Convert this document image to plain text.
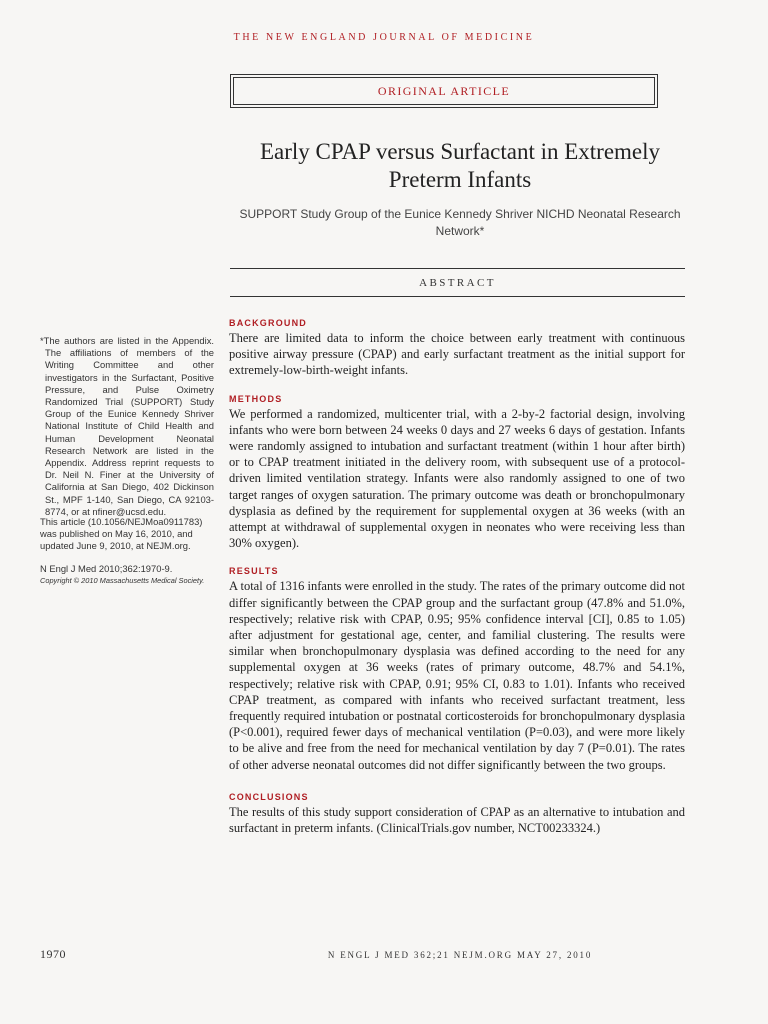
THE NEW ENGLAND JOURNAL OF MEDICINE
ORIGINAL ARTICLE
Early CPAP versus Surfactant in Extremely Preterm Infants
SUPPORT Study Group of the Eunice Kennedy Shriver NICHD Neonatal Research Network*
ABSTRACT

BACKGROUND

There are limited data to inform the choice between early treatment with continuous positive airway pressure (CPAP) and early surfactant treatment as the initial support for extremely-low-birth-weight infants.

METHODS

We performed a randomized, multicenter trial, with a 2-by-2 factorial design, involving infants who were born between 24 weeks 0 days and 27 weeks 6 days of gestation. Infants were randomly assigned to intubation and surfactant treatment (within 1 hour after birth) or to CPAP treatment initiated in the delivery room, with subsequent use of a protocol-driven limited ventilation strategy. Infants were also randomly assigned to one of two target ranges of oxygen saturation. The primary outcome was death or bronchopulmonary dysplasia as defined by the requirement for supplemental oxygen at 36 weeks (with an attempt at withdrawal of supplemental oxygen in neonates who were receiving less than 30% oxygen).

RESULTS

A total of 1316 infants were enrolled in the study. The rates of the primary outcome did not differ significantly between the CPAP group and the surfactant group (47.8% and 51.0%, respectively; relative risk with CPAP, 0.95; 95% confidence interval [CI], 0.85 to 1.05) after adjustment for gestational age, center, and familial clustering. The results were similar when bronchopulmonary dysplasia was defined according to the need for any supplemental oxygen at 36 weeks (rates of primary outcome, 48.7% and 54.1%, respectively; relative risk with CPAP, 0.91; 95% CI, 0.83 to 1.01). Infants who received CPAP treatment, as compared with infants who received surfactant treatment, less frequently required intubation or postnatal corticosteroids for bronchopulmonary dysplasia (P<0.001), required fewer days of mechanical ventilation (P=0.03), and were more likely to be alive and free from the need for mechanical ventilation by day 7 (P=0.01). The rates of other adverse neonatal outcomes did not differ significantly between the two groups.

CONCLUSIONS

The results of this study support consideration of CPAP as an alternative to intubation and surfactant in preterm infants. (ClinicalTrials.gov number, NCT00233324.)

*The authors are listed in the Appendix. The affiliations of members of the Writing Committee and other investigators in the Surfactant, Positive Pressure, and Pulse Oximetry Randomized Trial (SUPPORT) Study Group of the Eunice Kennedy Shriver National Institute of Child Health and Human Development Neonatal Research Network are listed in the Appendix. Address reprint requests to Dr. Neil N. Finer at the University of California at San Diego, 402 Dickinson St., MPF 1-140, San Diego, CA 92103-8774, or at nfiner@ucsd.edu.

This article (10.1056/NEJMoa0911783) was published on May 16, 2010, and updated June 9, 2010, at NEJM.org.
N Engl J Med 2010;362:1970-9.
Copyright © 2010 Massachusetts Medical Society.
1970	N ENGL J MED 362;21 NEJM.ORG MAY 27, 2010
